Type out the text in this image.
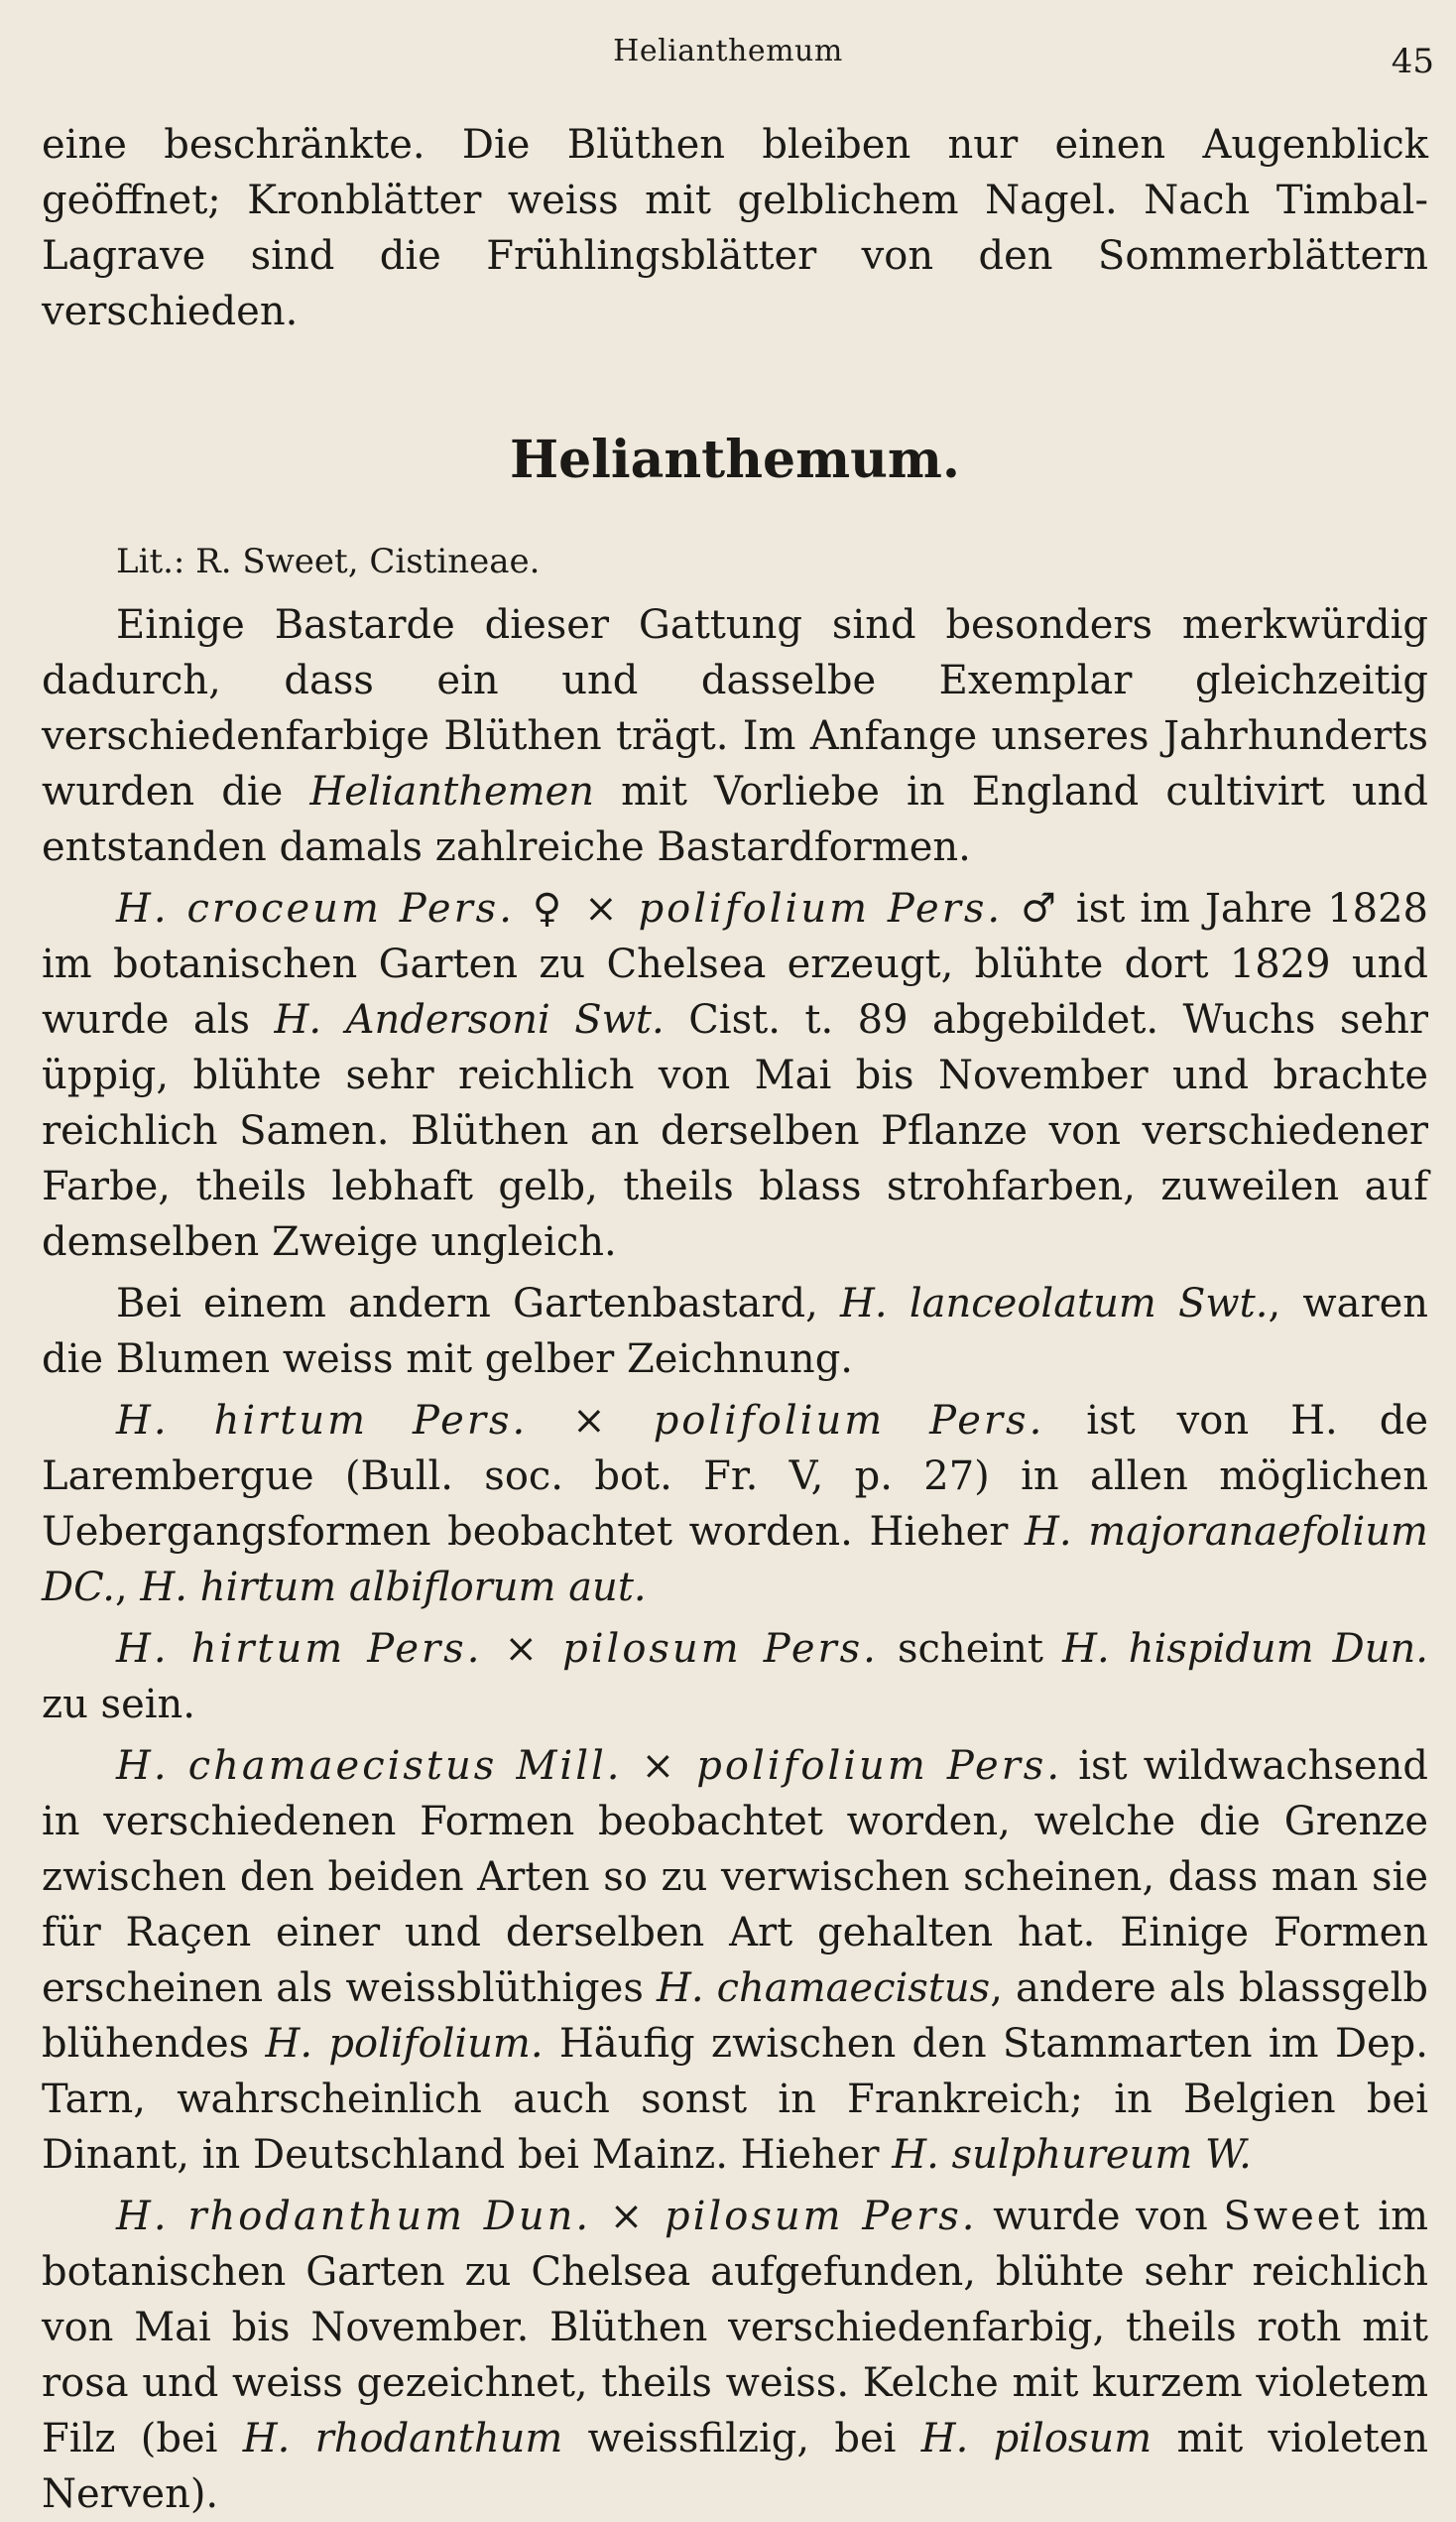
Helianthemum	45

eine beschränkte. Die Blüthen bleiben nur einen Augenblick geöffnet; Kronblätter weiss mit gelblichem Nagel. Nach Timbal-Lagrave sind die Frühlingsblätter von den Sommerblättern verschieden.

Helianthemum.

Lit.: R. Sweet, Cistineae.

Einige Bastarde dieser Gattung sind besonders merkwürdig dadurch, dass ein und dasselbe Exemplar gleichzeitig verschiedenfarbige Blüthen trägt. Im Anfange unseres Jahrhunderts wurden die Helianthemen mit Vorliebe in England cultivirt und entstanden damals zahlreiche Bastardformen.

H. croceum Pers. ♀ × polifolium Pers. ♂ ist im Jahre 1828 im botanischen Garten zu Chelsea erzeugt, blühte dort 1829 und wurde als H. Andersoni Swt. Cist. t. 89 abgebildet. Wuchs sehr üppig, blühte sehr reichlich von Mai bis November und brachte reichlich Samen. Blüthen an derselben Pflanze von verschiedener Farbe, theils lebhaft gelb, theils blass strohfarben, zuweilen auf demselben Zweige ungleich.

Bei einem andern Gartenbastard, H. lanceolatum Swt., waren die Blumen weiss mit gelber Zeichnung.

H. hirtum Pers. × polifolium Pers. ist von H. de Larembergue (Bull. soc. bot. Fr. V, p. 27) in allen möglichen Uebergangsformen beobachtet worden. Hieher H. majoranaefolium DC., H. hirtum albiflorum aut.

H. hirtum Pers. × pilosum Pers. scheint H. hispidum Dun. zu sein.

H. chamaecistus Mill. × polifolium Pers. ist wildwachsend in verschiedenen Formen beobachtet worden, welche die Grenze zwischen den beiden Arten so zu verwischen scheinen, dass man sie für Raçen einer und derselben Art gehalten hat. Einige Formen erscheinen als weissblüthiges H. chamaecistus, andere als blassgelb blühendes H. polifolium. Häufig zwischen den Stammarten im Dep. Tarn, wahrscheinlich auch sonst in Frankreich; in Belgien bei Dinant, in Deutschland bei Mainz. Hieher H. sulphureum W.

H. rhodanthum Dun. × pilosum Pers. wurde von Sweet im botanischen Garten zu Chelsea aufgefunden, blühte sehr reichlich von Mai bis November. Blüthen verschiedenfarbig, theils roth mit rosa und weiss gezeichnet, theils weiss. Kelche mit kurzem violetem Filz (bei H. rhodanthum weissfilzig, bei H. pilosum mit violeten Nerven).
